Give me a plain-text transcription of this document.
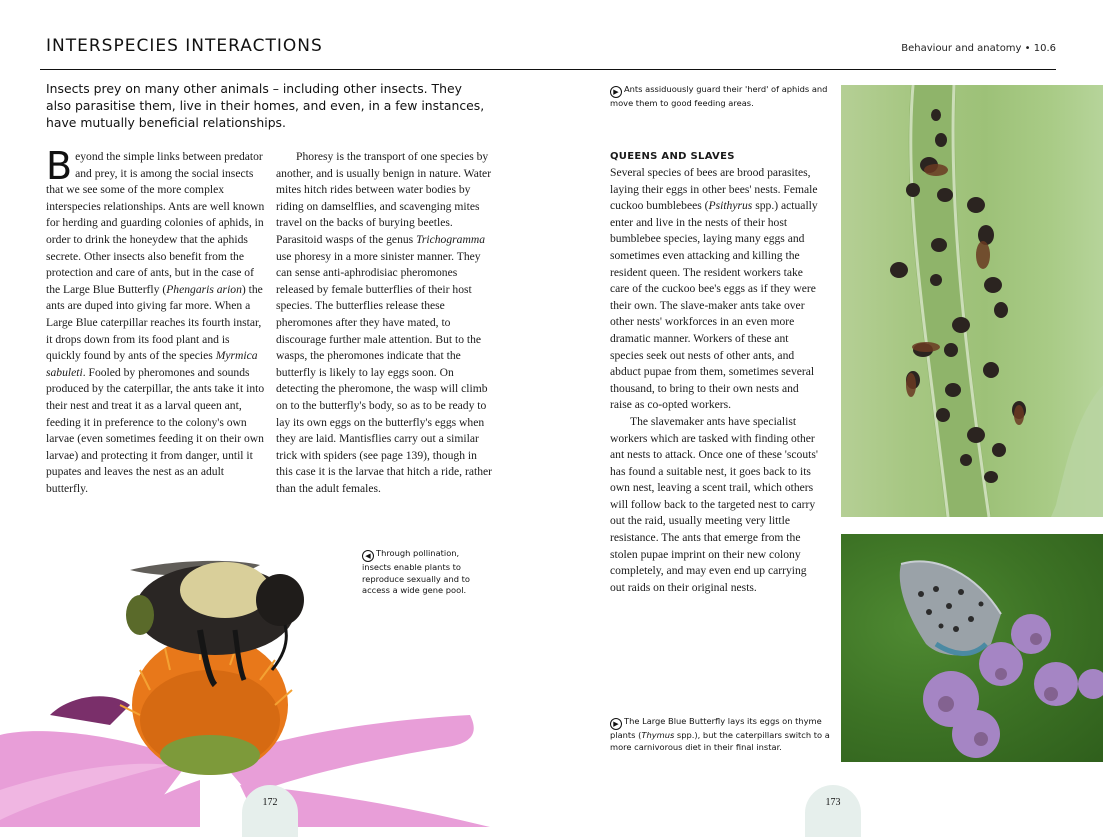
INTERSPECIES INTERACTIONS	Behaviour and anatomy • 10.6
Insects prey on many other animals – including other insects. They also parasitise them, live in their homes, and even, in a few instances, have mutually beneficial relationships.

Beyond the simple links between predator and prey, it is among the social insects that we see some of the more complex interspecies relationships. Ants are well known for herding and guarding colonies of aphids, in order to drink the honeydew that the aphids secrete. Other insects also benefit from the protection and care of ants, but in the case of the Large Blue Butterfly (Phengaris arion) the ants are duped into giving far more. When a Large Blue caterpillar reaches its fourth instar, it drops down from its food plant and is quickly found by ants of the species Myrmica sabuleti. Fooled by pheromones and sounds produced by the caterpillar, the ants take it into their nest and treat it as a larval queen ant, feeding it in preference to the colony's own larvae (even sometimes feeding it on their own larvae) and protecting it from danger, until it pupates and leaves the nest as an adult butterfly.

Phoresy is the transport of one species by another, and is usually benign in nature. Water mites hitch rides between water bodies by riding on damselflies, and scavenging mites travel on the backs of burying beetles. Parasitoid wasps of the genus Trichogramma use phoresy in a more sinister manner. They can sense anti-aphrodisiac pheromones released by female butterflies of their host species. The butterflies release these pheromones after they have mated, to discourage further male attention. But to the wasps, the pheromones indicate that the butterfly is likely to lay eggs soon. On detecting the pheromone, the wasp will climb on to the butterfly's body, so as to be ready to lay its own eggs on the butterfly's eggs when they are laid. Mantisflies carry out a similar trick with spiders (see page 139), though in this case it is the larvae that hitch a ride, rather than the adult females.

QUEENS AND SLAVES

Several species of bees are brood parasites, laying their eggs in other bees' nests. Female cuckoo bumblebees (Psithyrus spp.) actually enter and live in the nests of their host bumblebee species, laying many eggs and sometimes even attacking and killing the resident queen. The resident workers take care of the cuckoo bee's eggs as if they were their own. The slave-maker ants take over other nests' workforces in an even more dramatic manner. Workers of these ant species seek out nests of other ants, and abduct pupae from them, sometimes several thousand, to bring to their own nests and raise as co-opted workers.

The slavemaker ants have specialist workers which are tasked with finding other ant nests to attack. Once one of these 'scouts' has found a suitable nest, it goes back to its own nest, leaving a scent trail, which others will follow back to the targeted nest to carry out the raid, usually meeting very little resistance. The ants that emerge from the stolen pupae imprint on their new colony completely, and may even end up carrying out raids on their original nests.

▶ Ants assiduously guard their 'herd' of aphids and move them to good feeding areas.
◀ Through pollination, insects enable plants to reproduce sexually and to access a wide gene pool.
▶ The Large Blue Butterfly lays its eggs on thyme plants (Thymus spp.), but the caterpillars switch to a more carnivorous diet in their final instar.
172	173
